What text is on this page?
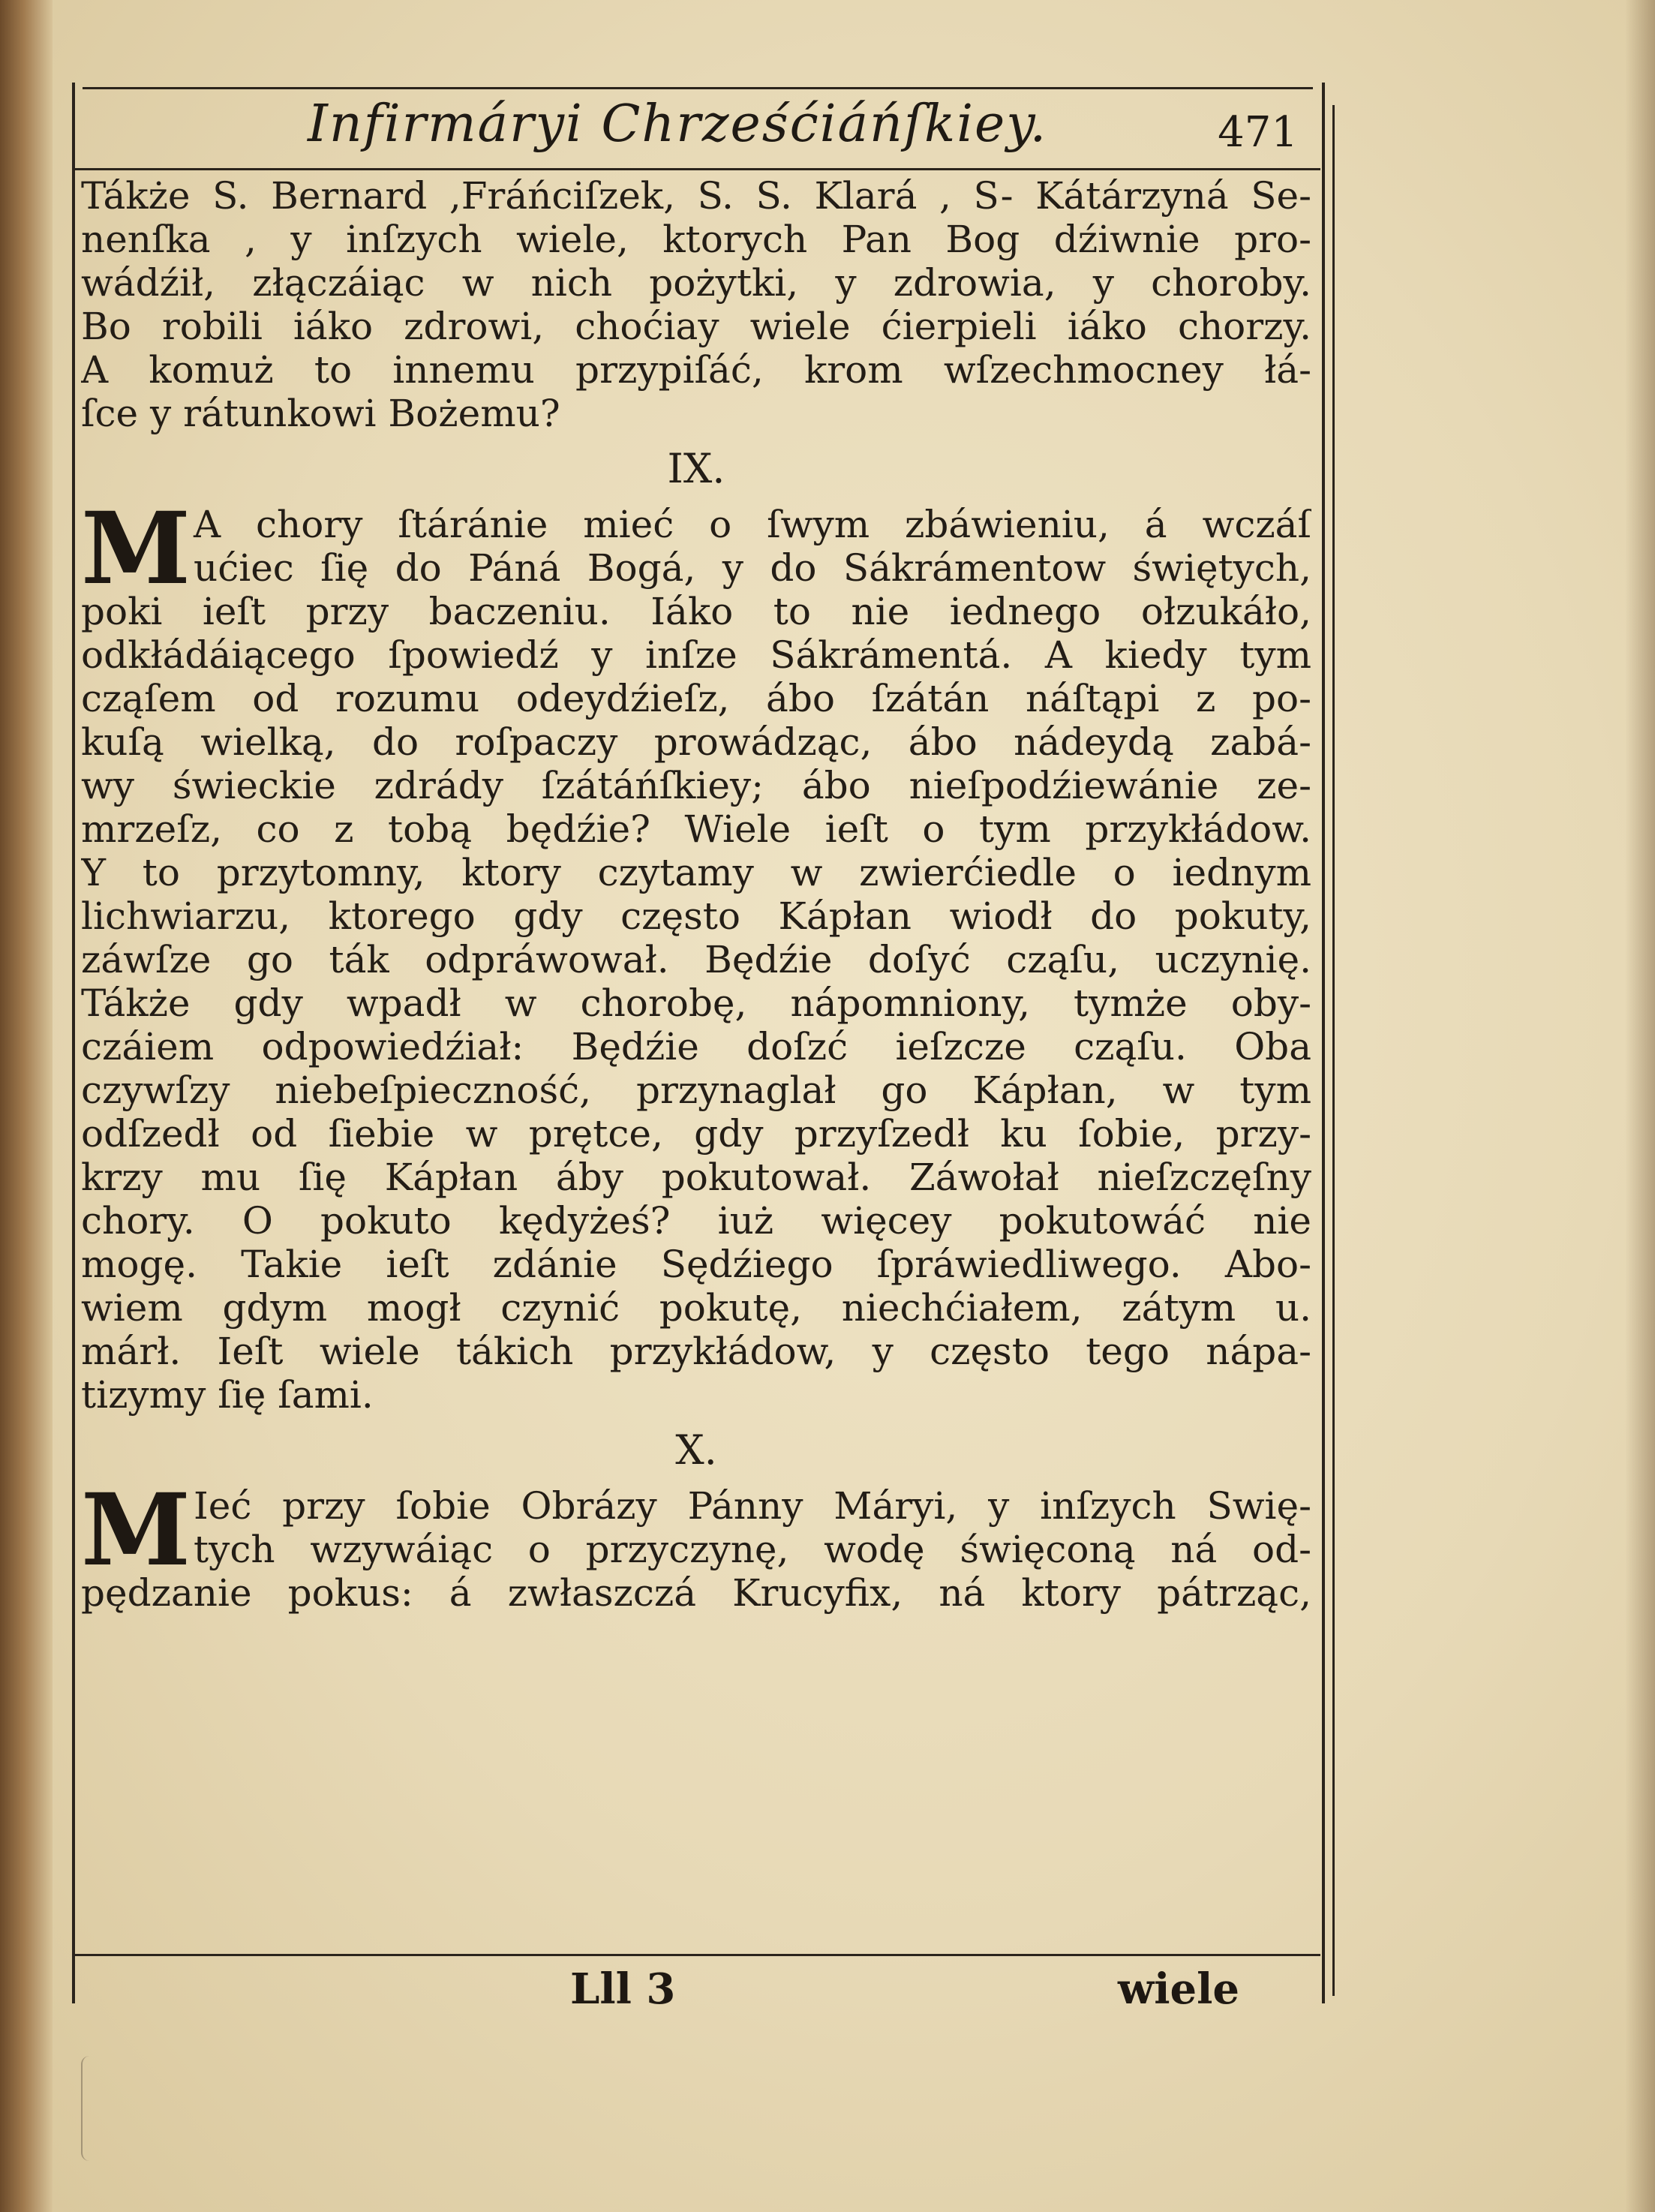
Infirmáryi Chrześćiáńſkiey.	471
Tákże S. Bernard ,Fráńciſzek, S. S. Klará , S- Kátárzyná Se-
nenſka , y inſzych wiele, ktorych Pan Bog dźiwnie pro-
wádźił, złączáiąc w nich pożytki, y zdrowia, y choroby.
Bo robili iáko zdrowi, choćiay wiele ćierpieli iáko chorzy.
A komuż to innemu przypiſáć, krom wſzechmocney łá-
ſce y rátunkowi Bożemu?
IX.
M A chory ſtáránie mieć o ſwym zbáwieniu, á wczáſ
ućiec ſię do Páná Bogá, y do Sákrámentow świętych,
poki ieſt przy baczeniu. Iáko to nie iednego ołzukáło,
odkłádáiącego ſpowiedź y inſze Sákrámentá. A kiedy tym
cząſem od rozumu odeydźieſz, ábo ſzátán náſtąpi z po-
kuſą wielką, do roſpaczy prowádząc, ábo nádeydą zabá-
wy świeckie zdrády ſzátáńſkiey; ábo nieſpodźiewánie ze-
mrzeſz, co z tobą będźie? Wiele ieſt o tym przykłádow.
Y to przytomny, ktory czytamy w zwierćiedle o iednym
lichwiarzu, ktorego gdy często Kápłan wiodł do pokuty,
záwſze go ták odpráwował. Będźie doſyć cząſu, uczynię.
Tákże gdy wpadł w chorobę, nápomniony, tymże oby-
czáiem odpowiedźiał: Będźie doſzć ieſzcze cząſu. Oba
czywſzy niebeſpieczność, przynaglał go Kápłan, w tym
odſzedł od ſiebie w prętce, gdy przyſzedł ku ſobie, przy-
krzy mu ſię Kápłan áby pokutował. Záwołał nieſzczęſny
chory. O pokuto kędyżeś? iuż więcey pokutowáć nie
mogę. Takie ieſt zdánie Sędźiego ſpráwiedliwego. Abo-
wiem gdym mogł czynić pokutę, niechćiałem, zátym u.
márł. Ieſt wiele tákich przykłádow, y często tego nápa-
tizymy ſię ſami.
X.
M Ieć przy ſobie Obrázy Pánny Máryi, y inſzych Swię-
tych wzywáiąc o przyczynę, wodę święconą ná od-
pędzanie pokus: á zwłaszczá Krucyfix, ná ktory pátrząc,
Lll 3	wiele
